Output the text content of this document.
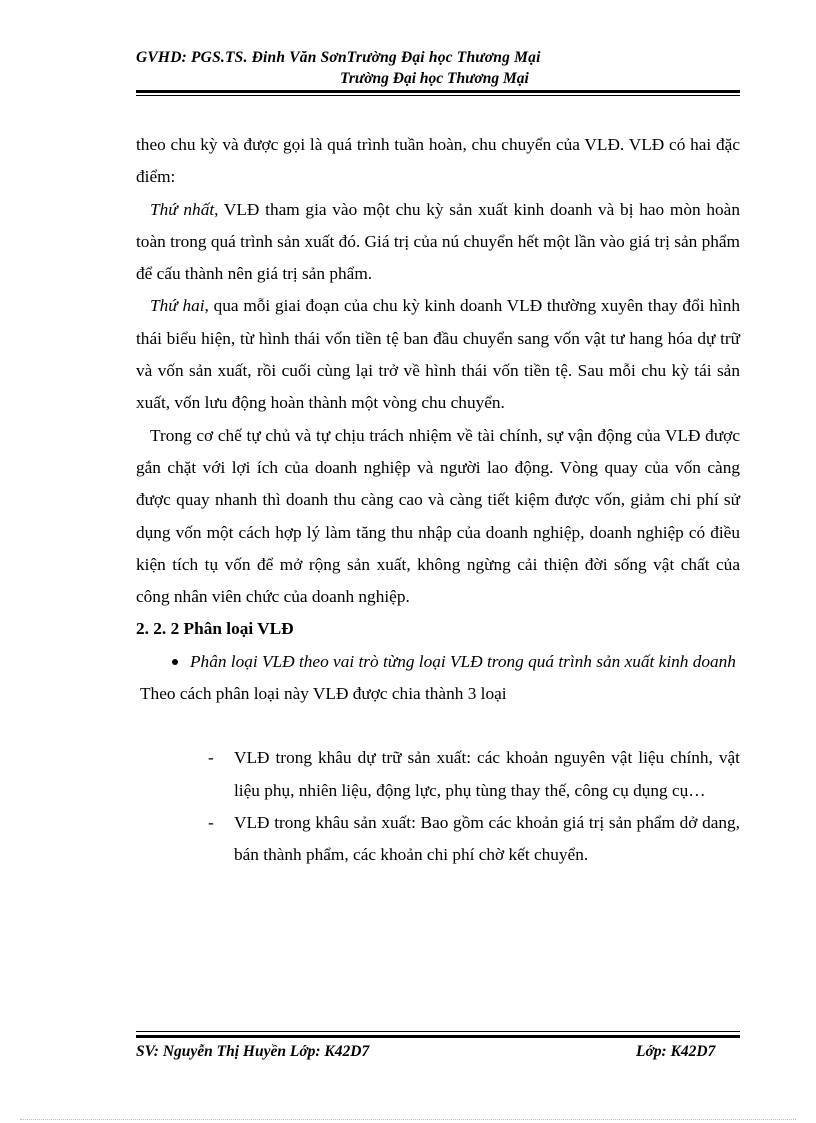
GVHD: PGS.TS. Đinh Văn SơnTrường Đại học Thương Mại
Trường Đại học Thương Mại

theo chu kỳ và được gọi là quá trình tuần hoàn, chu chuyển của VLĐ. VLĐ có hai đặc điểm:

Thứ nhất, VLĐ tham gia vào một chu kỳ sản xuất kinh doanh và bị hao mòn hoàn toàn trong quá trình sản xuất đó. Giá trị của nú chuyển hết một lần vào giá trị sản phẩm để cấu thành nên giá trị sản phẩm.

Thứ hai, qua mỗi giai đoạn của chu kỳ kinh doanh VLĐ thường xuyên thay đổi hình thái biểu hiện, từ hình thái vốn tiền tệ ban đầu chuyển sang vốn vật tư hang hóa dự trữ và vốn sản xuất, rồi cuối cùng lại trở về hình thái vốn tiền tệ. Sau mỗi chu kỳ tái sản xuất, vốn lưu động hoàn thành một vòng chu chuyển.

Trong cơ chế tự chủ và tự chịu trách nhiệm về tài chính, sự vận động của VLĐ được gắn chặt với lợi ích của doanh nghiệp và người lao động. Vòng quay của vốn càng được quay nhanh thì doanh thu càng cao và càng tiết kiệm được vốn, giảm chi phí sử dụng vốn một cách hợp lý làm tăng thu nhập của doanh nghiệp, doanh nghiệp có điều kiện tích tụ vốn để mở rộng sản xuất, không ngừng cải thiện đời sống vật chất của công nhân viên chức của doanh nghiệp.

2. 2. 2 Phân loại VLĐ

Phân loại VLĐ theo vai trò từng loại VLĐ trong quá trình sản xuất kinh doanh

Theo cách phân loại này VLĐ được chia thành 3 loại

- VLĐ trong khâu dự trữ sản xuất: các khoản nguyên vật liệu chính, vật liệu phụ, nhiên liệu, động lực, phụ tùng thay thế, công cụ dụng cụ…

- VLĐ trong khâu sản xuất: Bao gồm các khoản giá trị sản phẩm dở dang, bán thành phẩm, các khoản chi phí chờ kết chuyển.

SV: Nguyễn Thị Huyền Lớp: K42D7	Lớp: K42D7
